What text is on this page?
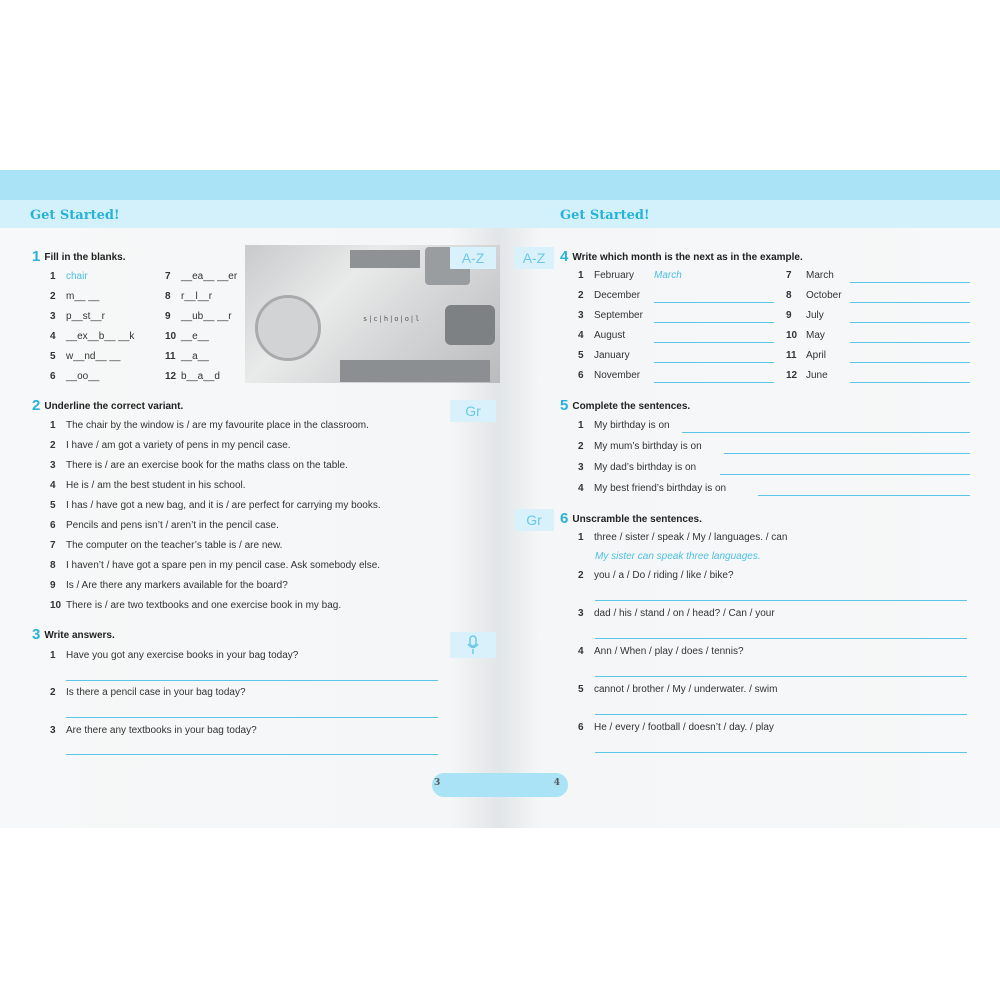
Get Started!
1 Fill in the blanks.
s|c|h|o|o|l
A-Z
1 chair
2 m__ __
3 p__st__r
4 __ex__b__ __k
5 w__nd__ __
6 __oo__
7 __ea__ __er
8 r__l__r
9 __ub__ __r
10 __e__
11 __a__
12 b__a__d
2 Underline the correct variant.	Gr
1 The chair by the window is / are my favourite place in the classroom.
2 I have / am got a variety of pens in my pencil case.
3 There is / are an exercise book for the maths class on the table.
4 He is / am the best student in his school.
5 I has / have got a new bag, and it is / are perfect for carrying my books.
6 Pencils and pens isn’t / aren’t in the pencil case.
7 The computer on the teacher’s table is / are new.
8 I haven’t / have got a spare pen in my pencil case. Ask somebody else.
9 Is / Are there any markers available for the board?
10 There is / are two textbooks and one exercise book in my bag.
3 Write answers.
1 Have you got any exercise books in your bag today?
2 Is there a pencil case in your bag today?
3 Are there any textbooks in your bag today?
3
Get Started!
A-Z 4 Write which month is the next as in the example.
1 February March
2 December
3 September
4 August
5 January
6 November
7 March
8 October
9 July
10 May
11 April
12 June
5 Complete the sentences.
1 My birthday is on
2 My mum’s birthday is on
3 My dad’s birthday is on
4 My best friend’s birthday is on
Gr	6 Unscramble the sentences.
1 three / sister / speak / My / languages. / can
My sister can speak three languages.
2 you / a / Do / riding / like / bike?
3 dad / his / stand / on / head? / Can / your
4 Ann / When / play / does / tennis?
5 cannot / brother / My / underwater. / swim
6 He / every / football / doesn’t / day. / play
4
